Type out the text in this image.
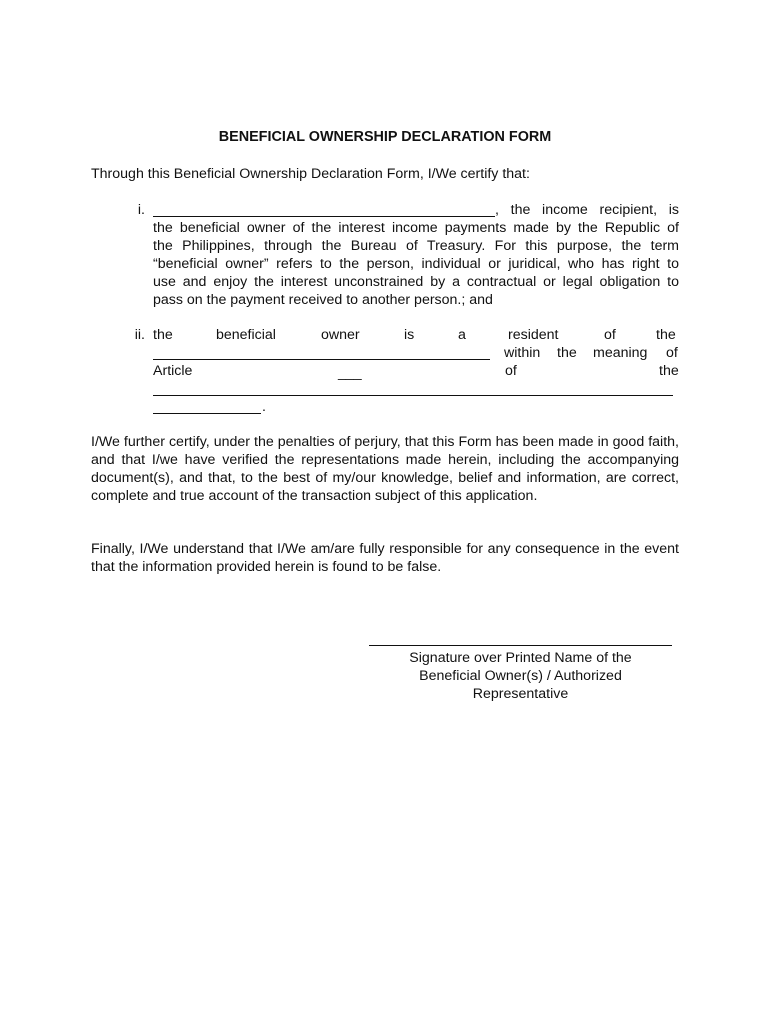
BENEFICIAL OWNERSHIP DECLARATION FORM
Through this Beneficial Ownership Declaration Form, I/We certify that:
i.	, the income recipient, is
the beneficial owner of the interest income payments made by the Republic of
the Philippines, through the Bureau of Treasury. For this purpose, the term
“beneficial owner” refers to the person, individual or juridical, who has right to
use and enjoy the interest unconstrained by a contractual or legal obligation to
pass on the payment received to another person.; and
ii. the	beneficial	owner	is	a	resident	of	the
within the meaning of
Article	___	of	the
.
I/We further certify, under the penalties of perjury, that this Form has been made in good faith, and that I/we have verified the representations made herein, including the accompanying document(s), and that, to the best of my/our knowledge, belief and information, are correct, complete and true account of the transaction subject of this application.
Finally, I/We understand that I/We am/are fully responsible for any consequence in the event that the information provided herein is found to be false.
Signature over Printed Name of the
Beneficial Owner(s) / Authorized
Representative
